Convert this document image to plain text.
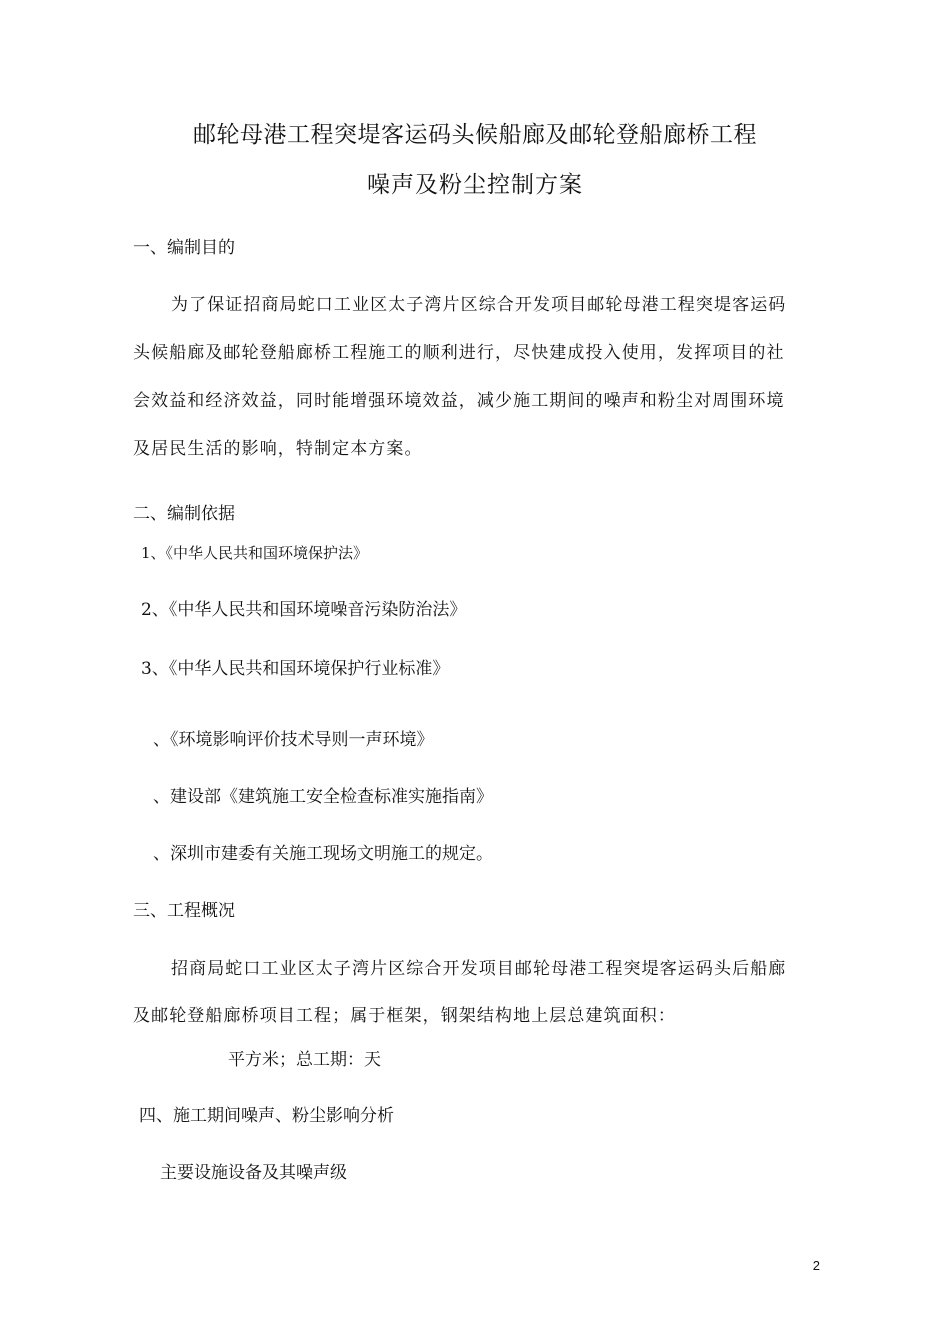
邮轮母港工程突堤客运码头候船廊及邮轮登船廊桥工程
噪声及粉尘控制方案
一、编制目的
为了保证招商局蛇口工业区太子湾片区综合开发项目邮轮母港工程突堤客运码
头候船廊及邮轮登船廊桥工程施工的顺利进行，尽快建成投入使用，发挥项目的社
会效益和经济效益，同时能增强环境效益，减少施工期间的噪声和粉尘对周围环境
及居民生活的影响，特制定本方案。
二、编制依据
1、《中华人民共和国环境保护法》
2、《中华人民共和国环境噪音污染防治法》
3、《中华人民共和国环境保护行业标准》
、《环境影响评价技术导则一声环境》
、建设部《建筑施工安全检查标准实施指南》
、深圳市建委有关施工现场文明施工的规定。
三、工程概况
招商局蛇口工业区太子湾片区综合开发项目邮轮母港工程突堤客运码头后船廊
及邮轮登船廊桥项目工程；属于框架，钢架结构地上层总建筑面积：
平方米；总工期：天
四、施工期间噪声、粉尘影响分析
主要设施设备及其噪声级
2
